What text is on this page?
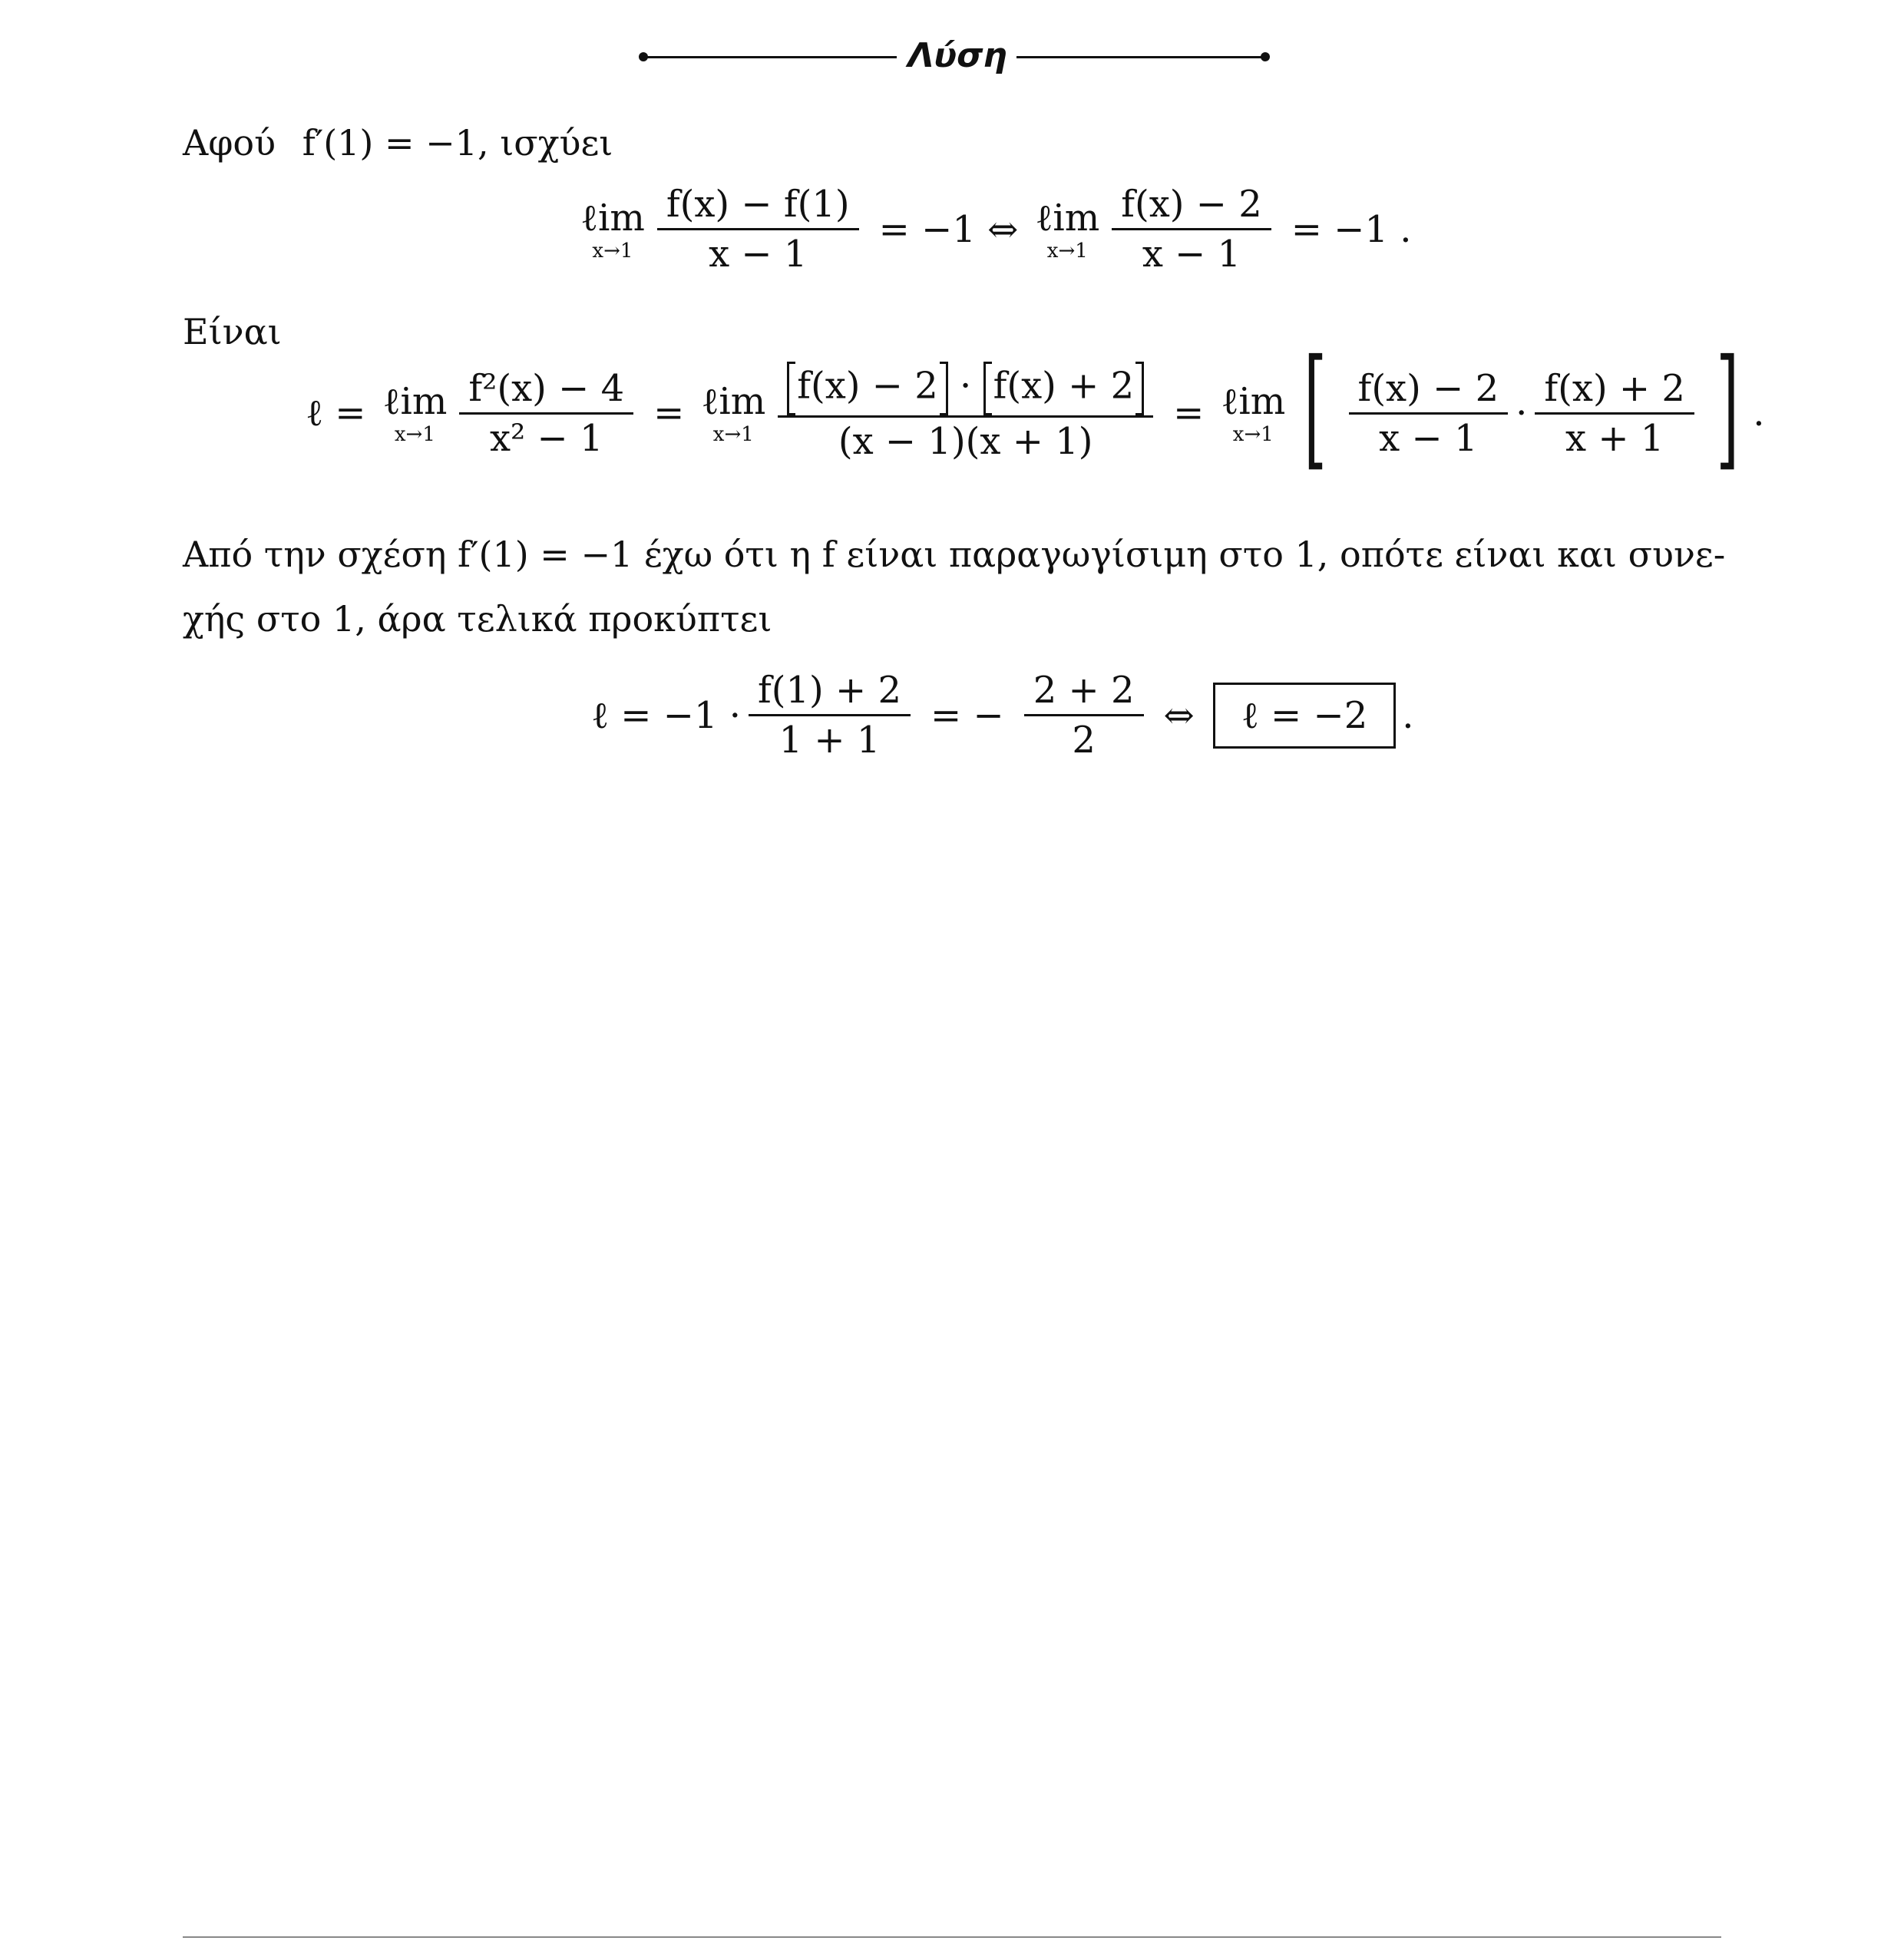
Λύση
Αφού f′(1) = −1, ισχύει
ℓim
$x\to 1 \frac{f(x) - f(1)}{x - 1} = -1$ ⇔ ℓim
$x\to 1 \frac{f(x) - 2}{x - 1} = -1$ .
Είναι
ℓ = ℓim
$x\to 1 \frac{\text{f²(x) − 4}}{\text{x² − 1}}$ = ℓim
$x\to 1 \frac{f(x) - 2 \cdot f(x) + 2}{(x - 1)(x + 1)}$ = ℓim
x→1 [ $\frac{f(x) - 2}{x - 1} \cdot \frac{f(x) + 2}{x + 1}$ ] .
Από την σχέση f′(1) = −1 έχω ότι η f είναι παραγωγίσιμη στο 1, οπότε είναι και συνε-
χής στο 1, άρα τελικά προκύπτει
ℓ = $-1 \cdot \frac{f(1) + 2}{1 + 1}$ = − $\frac{2 + 2}{2}$ ⇔	ℓ = −2 .
